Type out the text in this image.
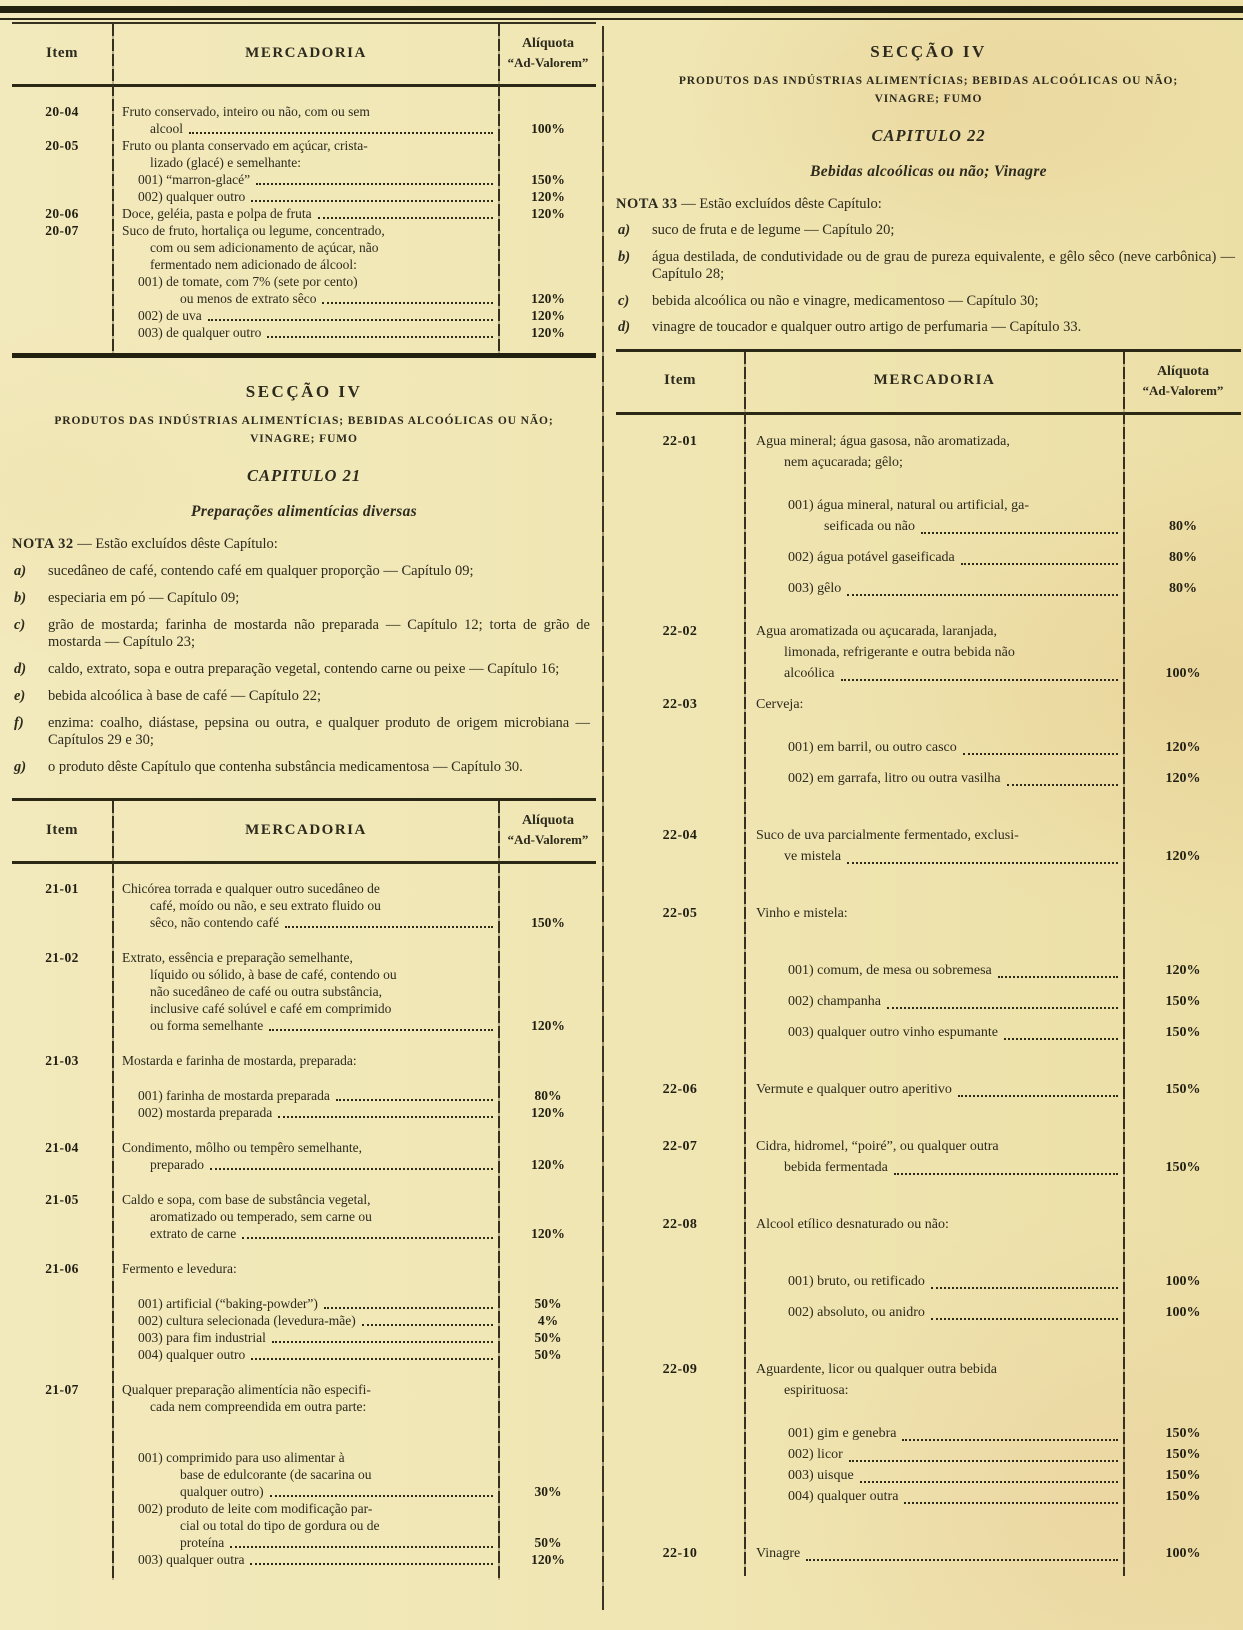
Item	MERCADORIA
Alíquota
“Ad-Valorem”
20-04	Fruto conservado, inteiro ou não, com ou sem
alcool	100%
20-05	Fruto ou planta conservado em açúcar, crista-
lizado (glacé) e semelhante:
001) “marron-glacé”	150%
002) qualquer outro	120%
20-06	Doce, geléia, pasta e polpa de fruta	120%
20-07	Suco de fruto, hortaliça ou legume, concentrado,
com ou sem adicionamento de açúcar, não
fermentado nem adicionado de álcool:
001) de tomate, com 7% (sete por cento)
ou menos de extrato sêco	120%
002) de uva	120%
003) de qualquer outro	120%
SECÇÃO IV
PRODUTOS DAS INDÚSTRIAS ALIMENTÍCIAS; BEBIDAS ALCOÓLICAS OU NÃO;
VINAGRE; FUMO
CAPITULO 21
Preparações alimentícias diversas
NOTA 32 — Estão excluídos dêste Capítulo:
a)	sucedâneo de café, contendo café em qualquer proporção — Capítulo 09;
b)	especiaria em pó — Capítulo 09;
c)	grão de mostarda; farinha de mostarda não preparada — Capítulo 12; torta de grão de mostarda — Capítulo 23;
d)	caldo, extrato, sopa e outra preparação vegetal, contendo carne ou peixe — Capítulo 16;
e)	bebida alcoólica à base de café — Capítulo 22;
f)	enzima: coalho, diástase, pepsina ou outra, e qualquer produto de origem microbiana — Capítulos 29 e 30;
g)	o produto dêste Capítulo que contenha substância medicamentosa — Capítulo 30.
Item	MERCADORIA
Alíquota
“Ad-Valorem”
21-01	Chicórea torrada e qualquer outro sucedâneo de
café, moído ou não, e seu extrato fluido ou
sêco, não contendo café	150%
21-02	Extrato, essência e preparação semelhante,
líquido ou sólido, à base de café, contendo ou
não sucedâneo de café ou outra substância,
inclusive café solúvel e café em comprimido
ou forma semelhante	120%
21-03	Mostarda e farinha de mostarda, preparada:
001) farinha de mostarda preparada	80%
002) mostarda preparada	120%
21-04	Condimento, môlho ou tempêro semelhante,
preparado	120%
21-05	Caldo e sopa, com base de substância vegetal,
aromatizado ou temperado, sem carne ou
extrato de carne	120%
21-06	Fermento e levedura:
001) artificial (“baking-powder”)	50%
002) cultura selecionada (levedura-mãe)	4%
003) para fim industrial	50%
004) qualquer outro	50%
21-07	Qualquer preparação alimentícia não especifi-
cada nem compreendida em outra parte:
001) comprimido para uso alimentar à
base de edulcorante (de sacarina ou
qualquer outro)	30%
002) produto de leite com modificação par-
cial ou total do tipo de gordura ou de
proteína	50%
003) qualquer outra	120%
SECÇÃO IV
PRODUTOS DAS INDÚSTRIAS ALIMENTÍCIAS; BEBIDAS ALCOÓLICAS OU NÃO;
VINAGRE; FUMO
CAPITULO 22
Bebidas alcoólicas ou não; Vinagre
NOTA 33 — Estão excluídos dêste Capítulo:
a)	suco de fruta e de legume — Capítulo 20;
b)	água destilada, de condutividade ou de grau de pureza equivalente, e gêlo sêco (neve carbônica) — Capítulo 28;
c)	bebida alcoólica ou não e vinagre, medicamentoso — Capítulo 30;
d)	vinagre de toucador e qualquer outro artigo de perfumaria — Capítulo 33.
Item	MERCADORIA
Alíquota
“Ad-Valorem”
22-01	Agua mineral; água gasosa, não aromatizada,
nem açucarada; gêlo;
001) água mineral, natural ou artificial, ga-
seificada ou não	80%
002) água potável gaseificada	80%
003) gêlo	80%
22-02	Agua aromatizada ou açucarada, laranjada,
limonada, refrigerante e outra bebida não
alcoólica	100%
22-03	Cerveja:
001) em barril, ou outro casco	120%
002) em garrafa, litro ou outra vasilha	120%
22-04	Suco de uva parcialmente fermentado, exclusi-
ve mistela	120%
22-05	Vinho e mistela:
001) comum, de mesa ou sobremesa	120%
002) champanha	150%
003) qualquer outro vinho espumante	150%
22-06	Vermute e qualquer outro aperitivo	150%
22-07	Cidra, hidromel, “poiré”, ou qualquer outra
bebida fermentada	150%
22-08	Alcool etílico desnaturado ou não:
001) bruto, ou retificado	100%
002) absoluto, ou anidro	100%
22-09	Aguardente, licor ou qualquer outra bebida
espirituosa:
001) gim e genebra	150%
002) licor	150%
003) uisque	150%
004) qualquer outra	150%
22-10	Vinagre	100%
